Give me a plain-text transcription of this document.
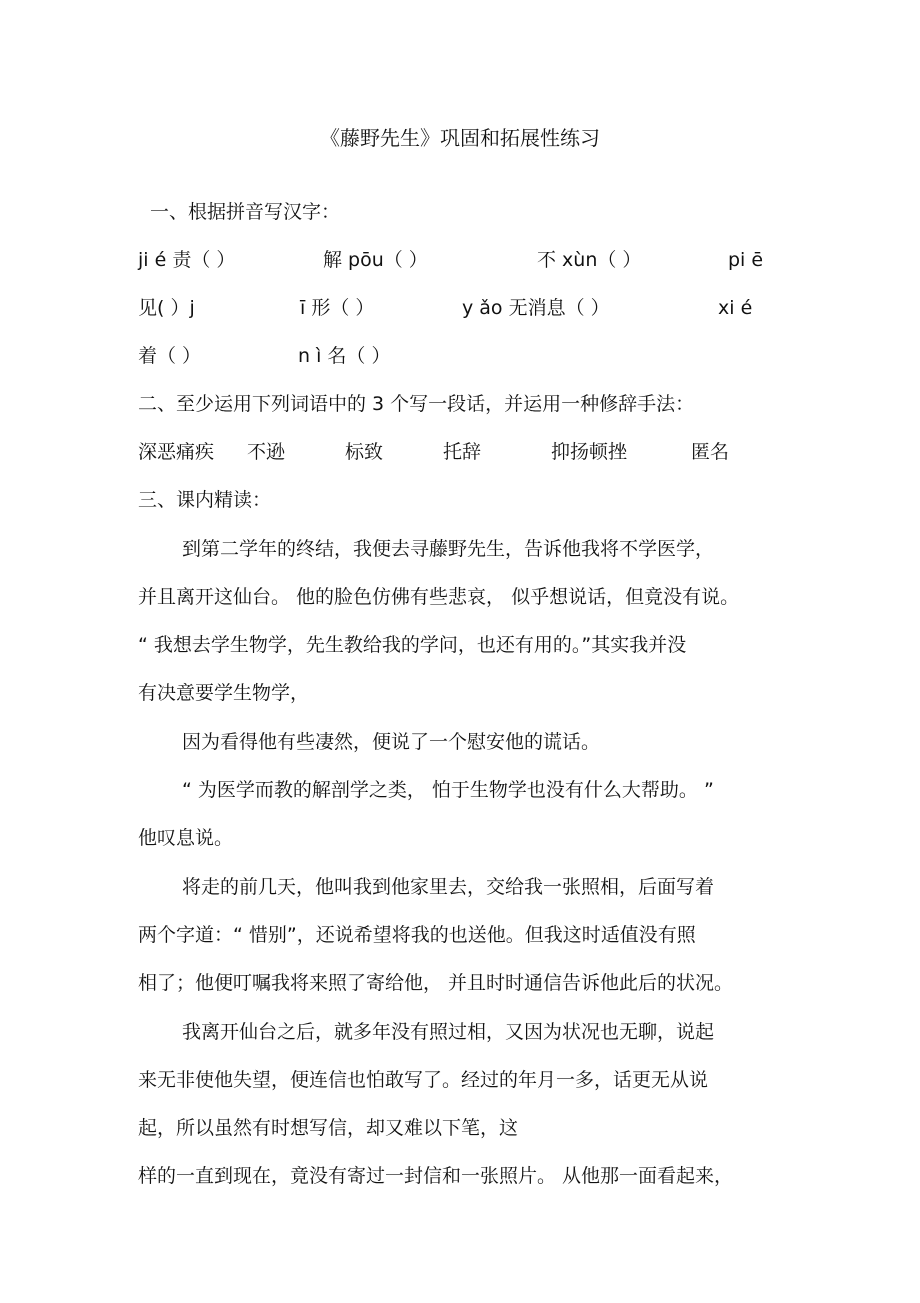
《藤野先生》巩固和拓展性练习
一、根据拼音写汉字：
ji é 责（ ）	解 pōu（ ）	不 xùn（ ）	pi ē
见( ）j	ī 形（ ）	y ǎo 无消息（ ）	xi é
着（ ）	n ì 名（ ）
二、至少运用下列词语中的 3 个写一段话，并运用一种修辞手法：
深恶痛疾 不逊	标致	托辞	抑扬顿挫	匿名
三、课内精读：
到第二学年的终结，我便去寻藤野先生，告诉他我将不学医学，
并且离开这仙台。 他的脸色仿佛有些悲哀， 似乎想说话，但竟没有说。
“ 我想去学生物学，先生教给我的学问，也还有用的。”其实我并没
有决意要学生物学，
因为看得他有些凄然，便说了一个慰安他的谎话。
“ 为医学而教的解剖学之类， 怕于生物学也没有什么大帮助。 ”
他叹息说。
将走的前几天，他叫我到他家里去，交给我一张照相，后面写着
两个字道：“ 惜别”，还说希望将我的也送他。但我这时适值没有照
相了；他便叮嘱我将来照了寄给他， 并且时时通信告诉他此后的状况。
我离开仙台之后，就多年没有照过相，又因为状况也无聊，说起
来无非使他失望，便连信也怕敢写了。经过的年月一多，话更无从说
起，所以虽然有时想写信，却又难以下笔，这
样的一直到现在，竟没有寄过一封信和一张照片。 从他那一面看起来，
